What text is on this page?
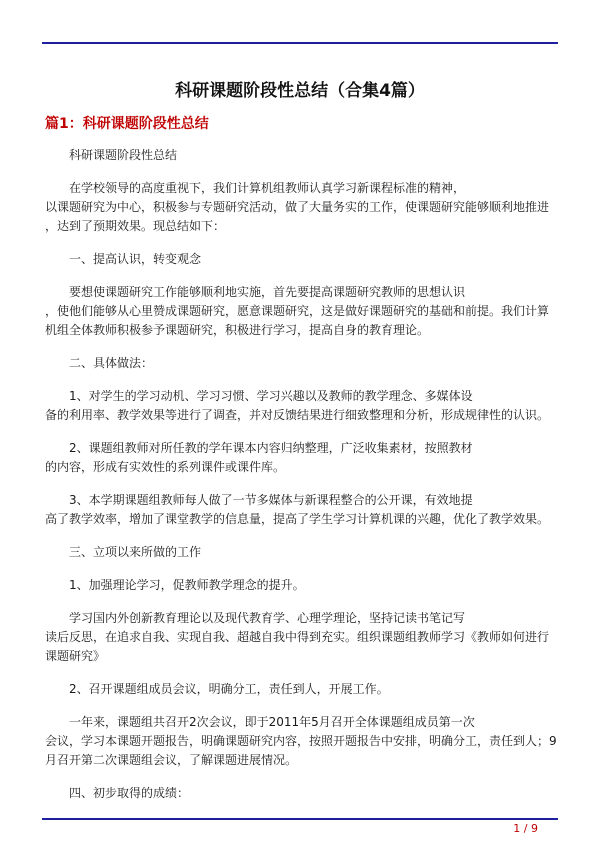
科研课题阶段性总结（合集4篇）
篇1：科研课题阶段性总结

科研课题阶段性总结

在学校领导的高度重视下，我们计算机组教师认真学习新课程标准的精神，
以课题研究为中心，积极参与专题研究活动，做了大量务实的工作，使课题研究能够顺利地推进
，达到了预期效果。现总结如下：

一、提高认识，转变观念

要想使课题研究工作能够顺利地实施，首先要提高课题研究教师的思想认识
，使他们能够从心里赞成课题研究，愿意课题研究，这是做好课题研究的基础和前提。我们计算
机组全体教师积极参予课题研究，积极进行学习，提高自身的教育理论。

二、具体做法：

1、对学生的学习动机、学习习惯、学习兴趣以及教师的教学理念、多媒体设
备的利用率、教学效果等进行了调查，并对反馈结果进行细致整理和分析，形成规律性的认识。

2、课题组教师对所任教的学年课本内容归纳整理，广泛收集素材，按照教材
的内容，形成有实效性的系列课件或课件库。

3、本学期课题组教师每人做了一节多媒体与新课程整合的公开课，有效地提
高了教学效率，增加了课堂教学的信息量，提高了学生学习计算机课的兴趣，优化了教学效果。

三、立项以来所做的工作

1、加强理论学习，促教师教学理念的提升。

学习国内外创新教育理论以及现代教育学、心理学理论，坚持记读书笔记写
读后反思，在追求自我、实现自我、超越自我中得到充实。组织课题组教师学习《教师如何进行
课题研究》

2、召开课题组成员会议，明确分工，责任到人，开展工作。

一年来，课题组共召开2次会议，即于2011年5月召开全体课题组成员第一次
会议，学习本课题开题报告，明确课题研究内容，按照开题报告中安排，明确分工，责任到人；9
月召开第二次课题组会议，了解课题进展情况。

四、初步取得的成绩：

1 / 9
